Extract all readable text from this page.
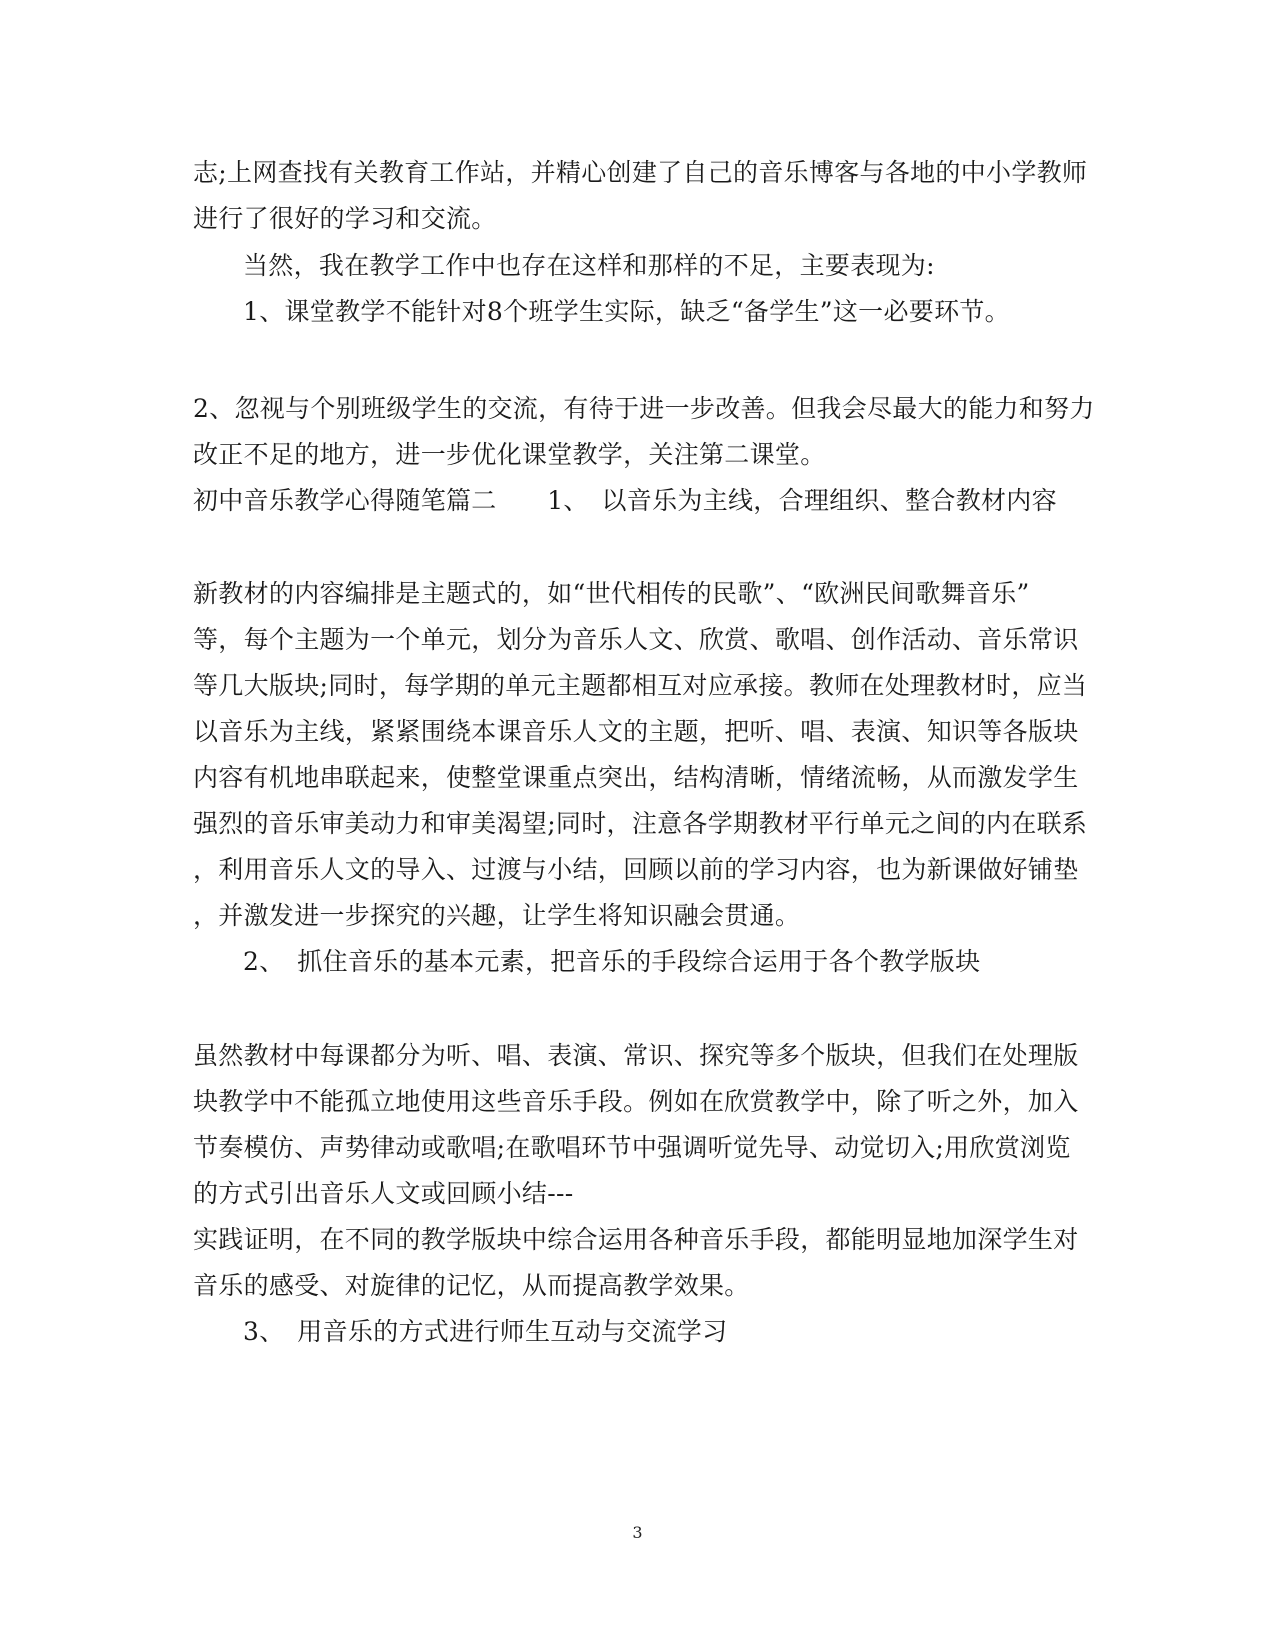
志;上网查找有关教育工作站，并精心创建了自己的音乐博客与各地的中小学教师
进行了很好的学习和交流。
当然，我在教学工作中也存在这样和那样的不足，主要表现为:
1、课堂教学不能针对8个班学生实际，缺乏“备学生”这一必要环节。
2、忽视与个别班级学生的交流，有待于进一步改善。但我会尽最大的能力和努力
改正不足的地方，进一步优化课堂教学，关注第二课堂。
初中音乐教学心得随笔篇二　　1、　以音乐为主线，合理组织、整合教材内容
新教材的内容编排是主题式的，如“世代相传的民歌”、“欧洲民间歌舞音乐”
等，每个主题为一个单元，划分为音乐人文、欣赏、歌唱、创作活动、音乐常识
等几大版块;同时，每学期的单元主题都相互对应承接。教师在处理教材时，应当
以音乐为主线，紧紧围绕本课音乐人文的主题，把听、唱、表演、知识等各版块
内容有机地串联起来，使整堂课重点突出，结构清晰，情绪流畅，从而激发学生
强烈的音乐审美动力和审美渴望;同时，注意各学期教材平行单元之间的内在联系
，利用音乐人文的导入、过渡与小结，回顾以前的学习内容，也为新课做好铺垫
，并激发进一步探究的兴趣，让学生将知识融会贯通。
2、　抓住音乐的基本元素，把音乐的手段综合运用于各个教学版块
虽然教材中每课都分为听、唱、表演、常识、探究等多个版块，但我们在处理版
块教学中不能孤立地使用这些音乐手段。例如在欣赏教学中，除了听之外，加入
节奏模仿、声势律动或歌唱;在歌唱环节中强调听觉先导、动觉切入;用欣赏浏览
的方式引出音乐人文或回顾小结---
实践证明，在不同的教学版块中综合运用各种音乐手段，都能明显地加深学生对
音乐的感受、对旋律的记忆，从而提高教学效果。
3、　用音乐的方式进行师生互动与交流学习
3
